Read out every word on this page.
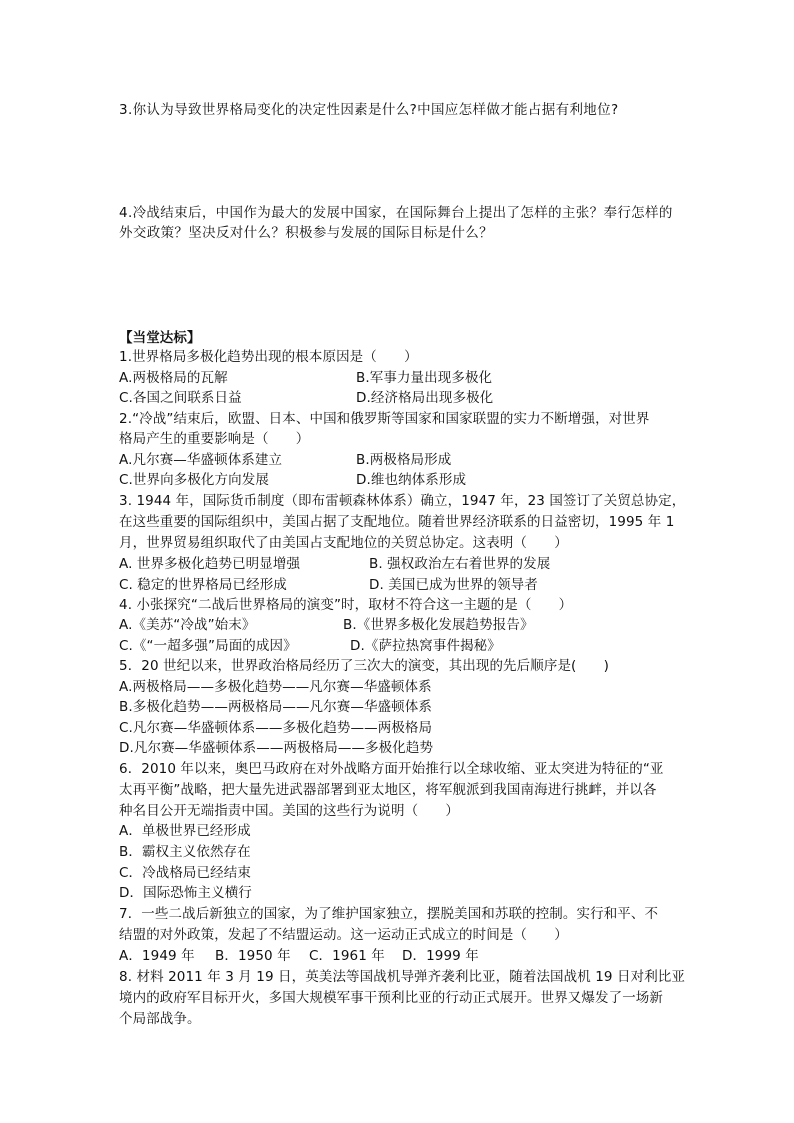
3.你认为导致世界格局变化的决定性因素是什么?中国应怎样做才能占据有利地位?
4.冷战结束后，中国作为最大的发展中国家，在国际舞台上提出了怎样的主张？奉行怎样的
外交政策？坚决反对什么？积极参与发展的国际目标是什么？
【当堂达标】
1.世界格局多极化趋势出现的根本原因是（　　）
A.两极格局的瓦解	B.军事力量出现多极化
C.各国之间联系日益	D.经济格局出现多极化
2.“冷战”结束后，欧盟、日本、中国和俄罗斯等国家和国家联盟的实力不断增强，对世界
格局产生的重要影响是（　　）
A.凡尔赛—华盛顿体系建立	B.两极格局形成
C.世界向多极化方向发展	D.维也纳体系形成
3. 1944 年，国际货币制度（即布雷顿森林体系）确立，1947 年，23 国签订了关贸总协定，
在这些重要的国际组织中，美国占据了支配地位。随着世界经济联系的日益密切，1995 年 1
月，世界贸易组织取代了由美国占支配地位的关贸总协定。这表明（　　）
A. 世界多极化趋势已明显增强	B. 强权政治左右着世界的发展
C. 稳定的世界格局已经形成	D. 美国已成为世界的领导者
4. 小张探究“二战后世界格局的演变”时，取材不符合这一主题的是（　　）
A.《美苏“冷战”始末》	B.《世界多极化发展趋势报告》
C.《“一超多强”局面的成因》	D.《萨拉热窝事件揭秘》
5．20 世纪以来，世界政治格局经历了三次大的演变，其出现的先后顺序是(　　)
A.两极格局——多极化趋势——凡尔赛—华盛顿体系
B.多极化趋势——两极格局——凡尔赛—华盛顿体系
C.凡尔赛—华盛顿体系——多极化趋势——两极格局
D.凡尔赛—华盛顿体系——两极格局——多极化趋势
6．2010 年以来，奥巴马政府在对外战略方面开始推行以全球收缩、亚太突进为特征的“亚
太再平衡”战略，把大量先进武器部署到亚太地区，将军舰派到我国南海进行挑衅，并以各
种名目公开无端指责中国。美国的这些行为说明（　　）
A．单极世界已经形成
B．霸权主义依然存在
C．冷战格局已经结束
D．国际恐怖主义横行
7．一些二战后新独立的国家，为了维护国家独立，摆脱美国和苏联的控制。实行和平、不
结盟的对外政策，发起了不结盟运动。这一运动正式成立的时间是（　　）
A．1949 年 B．1950 年 C．1961 年 D．1999 年
8. 材料 2011 年 3 月 19 日，英美法等国战机导弹齐袭利比亚，随着法国战机 19 日对利比亚
境内的政府军目标开火，多国大规模军事干预利比亚的行动正式展开。世界又爆发了一场新
个局部战争。
